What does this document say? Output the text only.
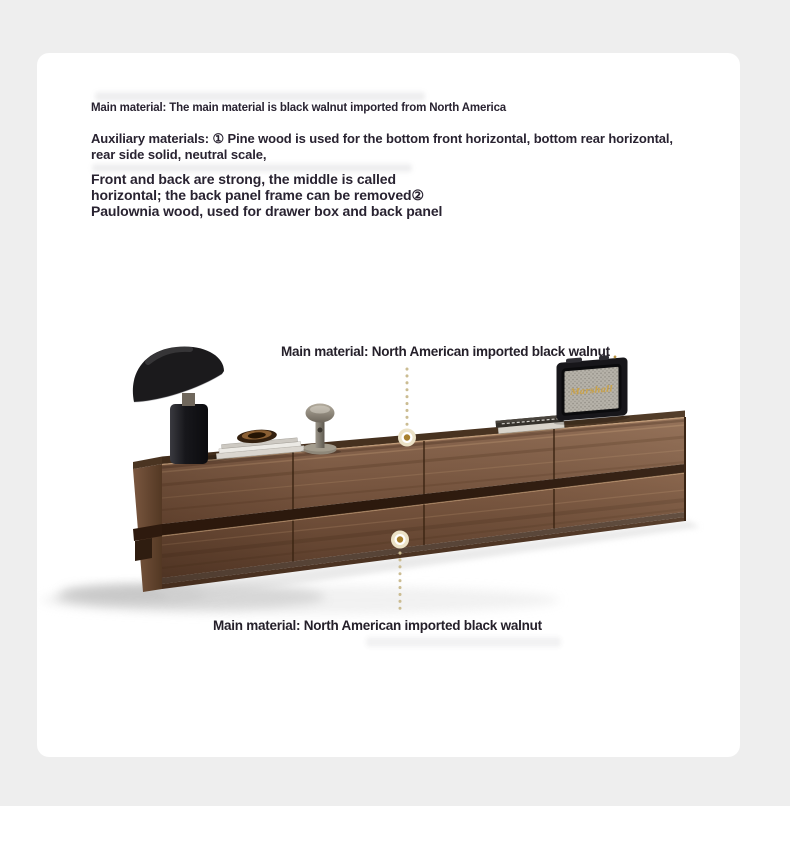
Main material: The main material is black walnut imported from North America
Auxiliary materials: ① Pine wood is used for the bottom front horizontal, bottom rear horizontal,
rear side solid, neutral scale,
Front and back are strong, the middle is called
horizontal; the back panel frame can be removed②
Paulownia wood, used for drawer box and back panel
Main material: North American imported black walnut
Main material: North American imported black walnut
Marshall
